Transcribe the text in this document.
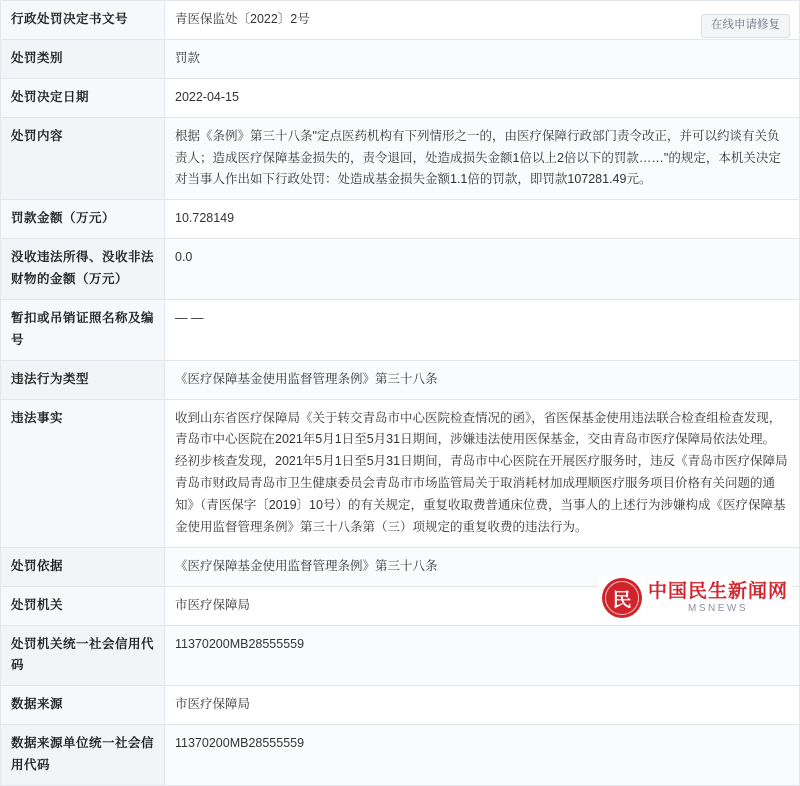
在线申请修复
行政处罚决定书文号	青医保监处〔2022〕2号
处罚类别	罚款
处罚决定日期	2022-04-15
处罚内容	根据《条例》第三十八条"定点医药机构有下列情形之一的，由医疗保障行政部门责令改正，并可以约谈有关负责人；造成医疗保障基金损失的，责令退回，处造成损失金额1倍以上2倍以下的罚款……"的规定，本机关决定对当事人作出如下行政处罚：处造成基金损失金额1.1倍的罚款，即罚款107281.49元。
罚款金额（万元）	10.728149
没收违法所得、没收非法财物的金额（万元）	0.0
暂扣或吊销证照名称及编号	— —
违法行为类型	《医疗保障基金使用监督管理条例》第三十八条
违法事实	收到山东省医疗保障局《关于转交青岛市中心医院检查情况的函》，省医保基金使用违法联合检查组检查发现，青岛市中心医院在2021年5月1日至5月31日期间，涉嫌违法使用医保基金，交由青岛市医疗保障局依法处理。 经初步核查发现，2021年5月1日至5月31日期间，青岛市中心医院在开展医疗服务时，违反《青岛市医疗保障局青岛市财政局青岛市卫生健康委员会青岛市市场监管局关于取消耗材加成理顺医疗服务项目价格有关问题的通知》（青医保字〔2019〕10号）的有关规定，重复收取费普通床位费，当事人的上述行为涉嫌构成《医疗保障基金使用监督管理条例》第三十八条第（三）项规定的重复收费的违法行为。
处罚依据	《医疗保障基金使用监督管理条例》第三十八条
处罚机关	市医疗保障局
处罚机关统一社会信用代码	11370200MB28555559
数据来源	市医疗保障局
数据来源单位统一社会信用代码	11370200MB28555559
民 中国民生新闻网
MSNEWS
